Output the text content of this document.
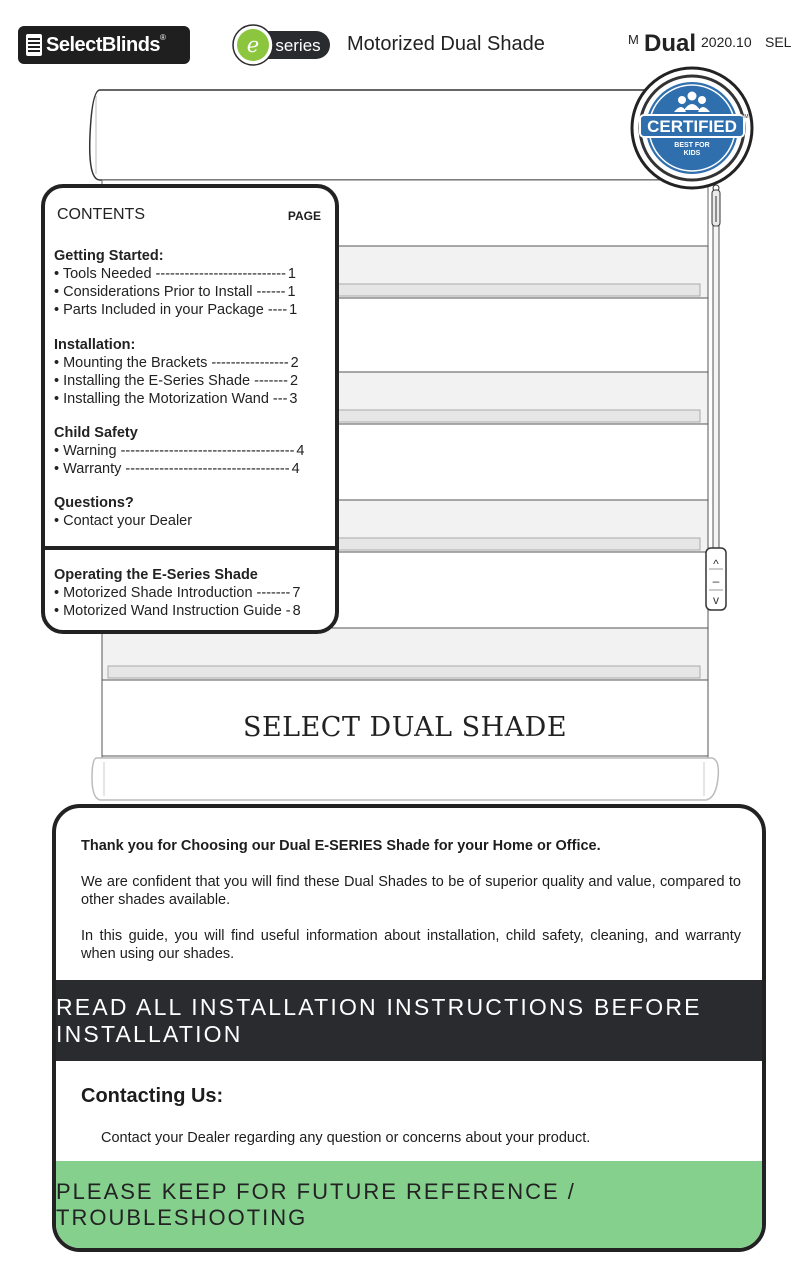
SelectBlinds ®	e series Motorized Dual Shade	M Dual 2020.10 SEL
^
–
v
CERTIFIED TM
BEST FOR
KIDS
CONTENTS	PAGE
Getting Started:
• Tools Needed --------------------------- 1
• Considerations Prior to Install ------ 1
• Parts Included in your Package ---- 1
Installation:
• Mounting the Brackets ---------------- 2
• Installing the E-Series Shade ------- 2
• Installing the Motorization Wand --- 3
Child Safety
• Warning ------------------------------------ 4
• Warranty ---------------------------------- 4
Questions?
• Contact your Dealer
Operating the E-Series Shade
• Motorized Shade Introduction ------- 7
• Motorized Wand Instruction Guide - 8
SELECT DUAL SHADE
Thank you for Choosing our Dual E-SERIES Shade for your Home or Office.
We are confident that you will find these Dual Shades to be of superior quality and value, compared to other shades available.
In this guide, you will find useful information about installation, child safety, cleaning, and warranty when using our shades.
READ ALL INSTALLATION INSTRUCTIONS BEFORE INSTALLATION
Contacting Us:
Contact your Dealer regarding any question or concerns about your product.
PLEASE KEEP FOR FUTURE REFERENCE / TROUBLESHOOTING
